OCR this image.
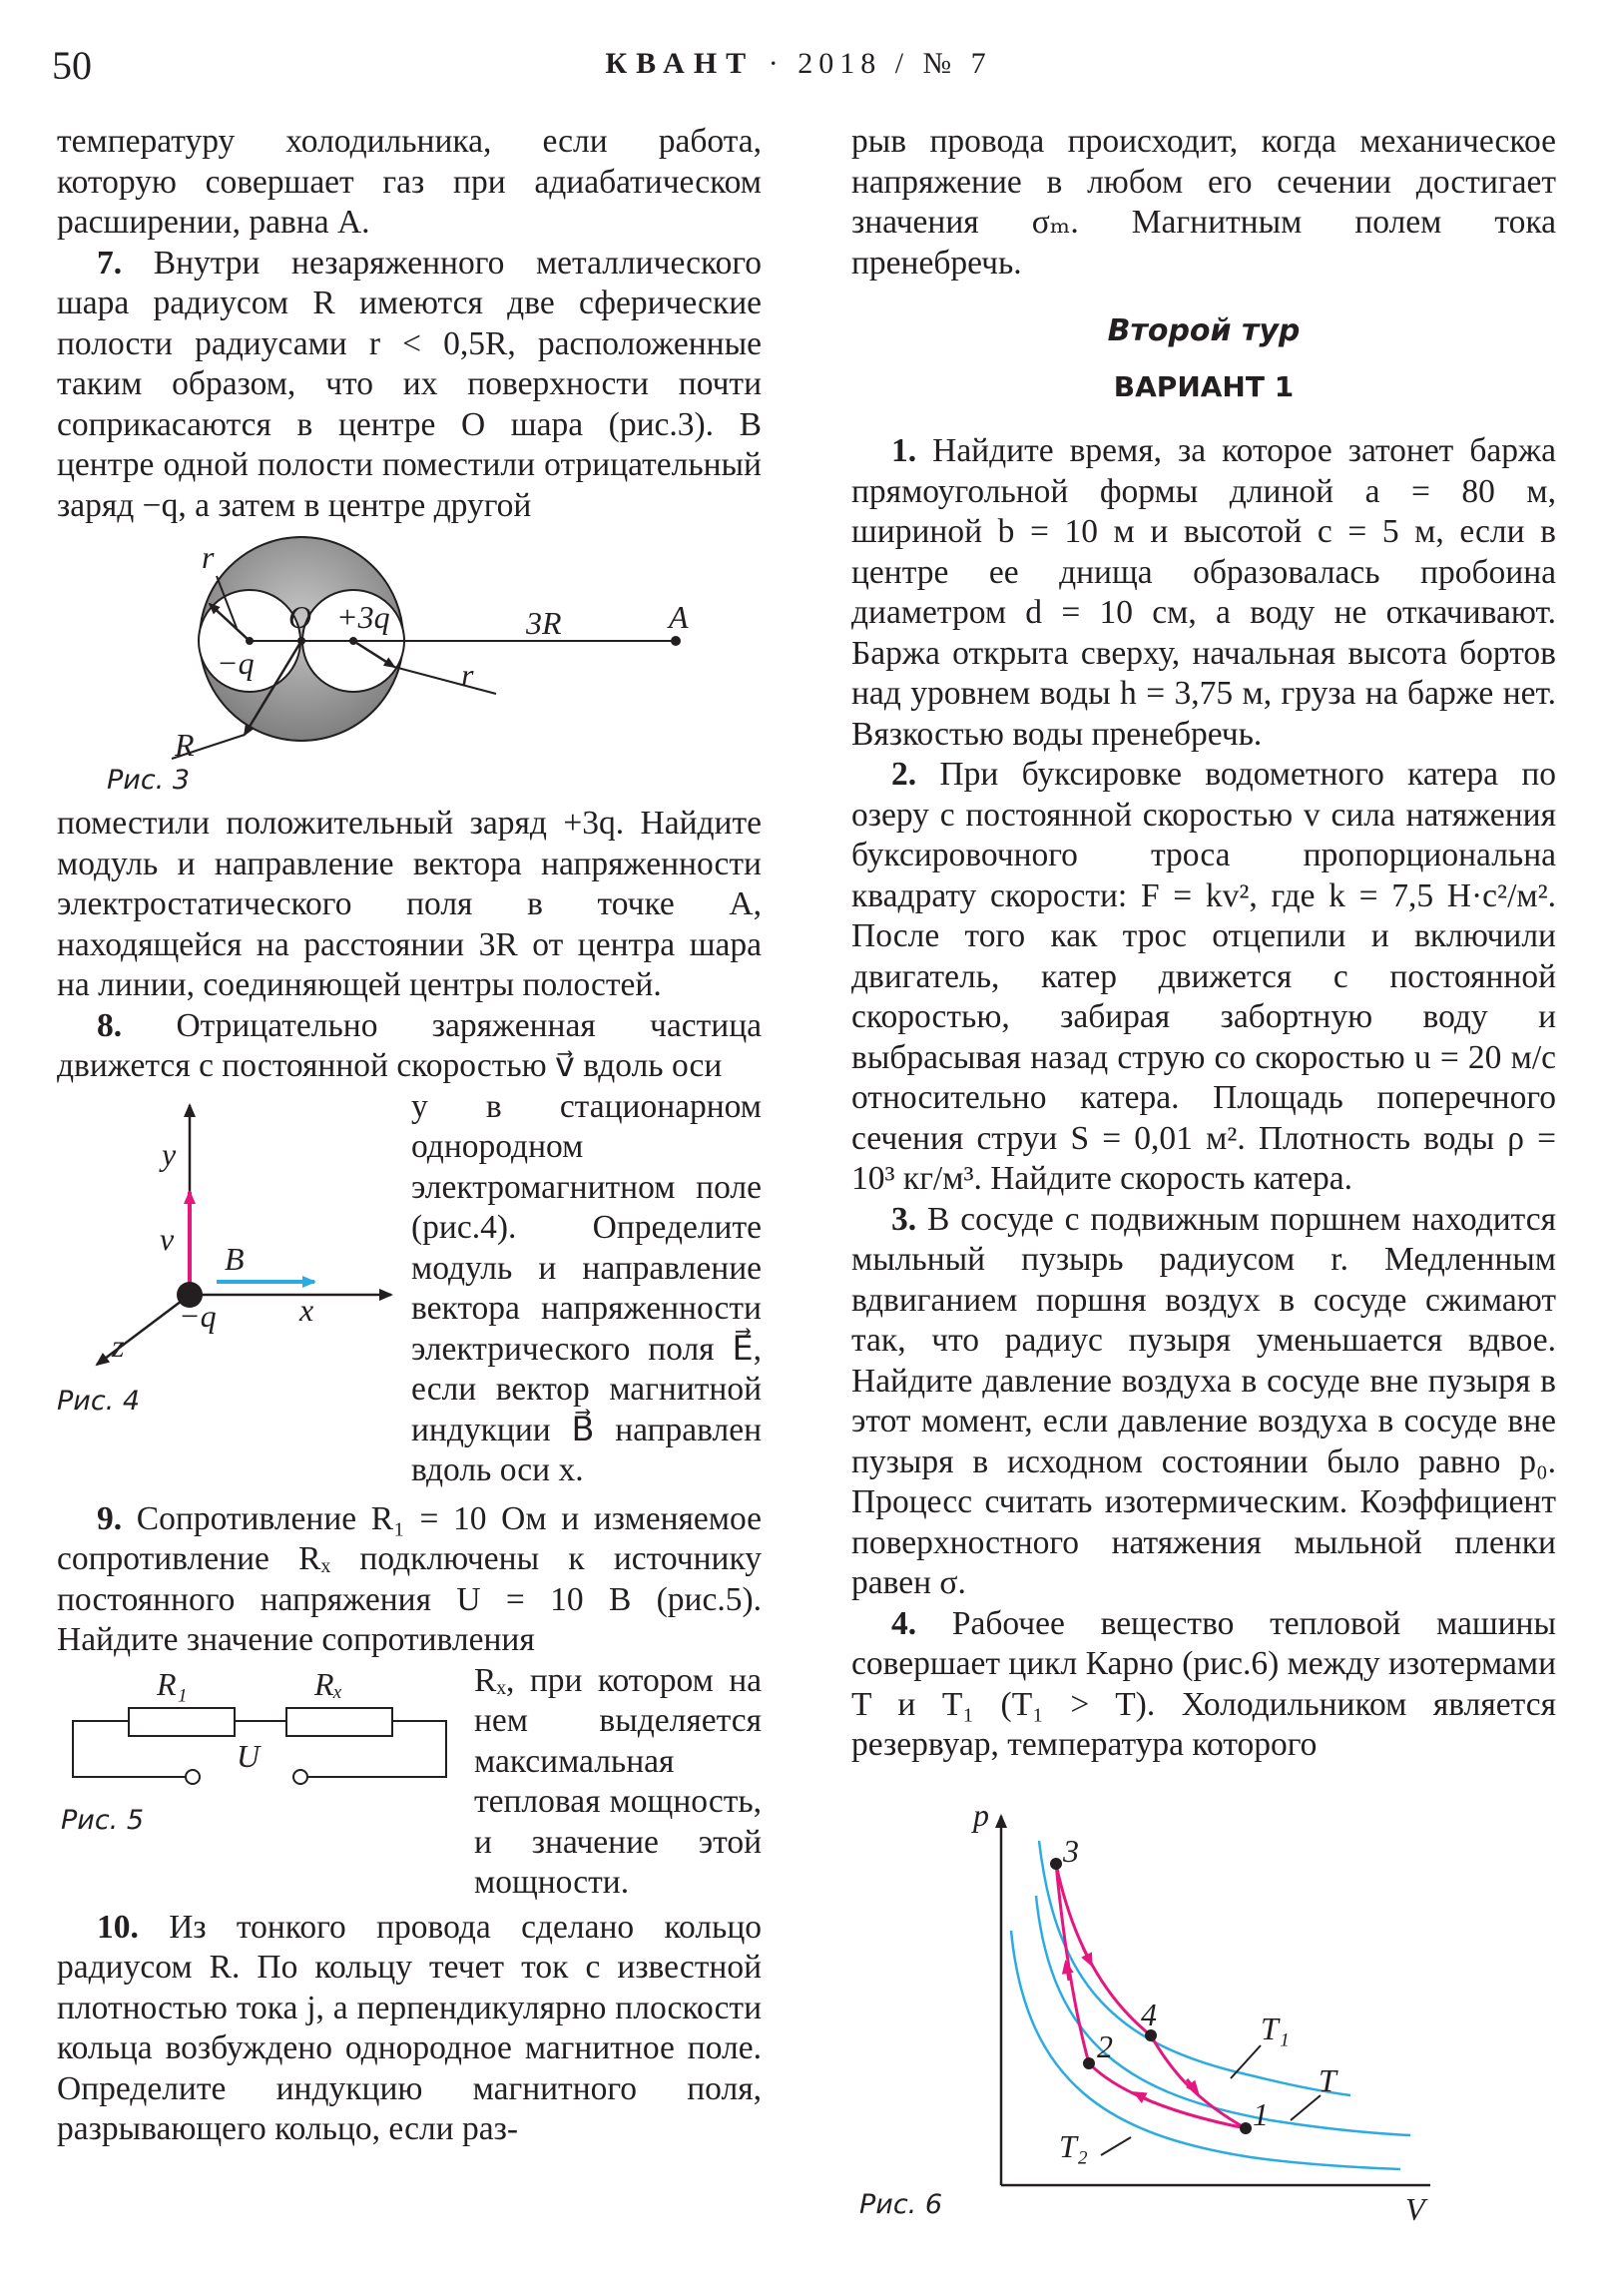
50	КВАНТ · 2018 / № 7

температуру холодильника, если работа, которую совершает газ при адиабатическом расширении, равна A.

7. Внутри незаряженного металлического шара радиусом R имеются две сферические полости радиусами r < 0,5R, расположенные таким образом, что их поверхности почти соприкасаются в центре O шара (рис.3). В центре одной полости поместили отрицательный заряд −q, а затем в центре другой

r
O +3q	3R	A
−q	r
R
Рис. 3

поместили положительный заряд +3q. Найдите модуль и направление вектора напряженности электростатического поля в точке A, находящейся на расстоянии 3R от центра шара на линии, соединяющей центры полостей.

8. Отрицательно заряженная частица движется с постоянной скоростью v⃗ вдоль оси

y
v
B
x
z
−q
Рис. 4

y в стационарном однородном электромагнитном поле (рис.4). Определите модуль и направление вектора напряженности электрического поля E⃗, если вектор магнитной индукции B⃗ направлен вдоль оси x.

9. Сопротивление R₁ = 10 Ом и изменяемое сопротивление Rₓ подключены к источнику постоянного напряжения U = 10 В (рис.5). Найдите значение сопротивления

R₁	Rₓ
U
Рис. 5

Rₓ, при котором на нем выделяется максимальная тепловая мощность, и значение этой мощности.

10. Из тонкого провода сделано кольцо радиусом R. По кольцу течет ток с известной плотностью тока j, а перпендикулярно плоскости кольца возбуждено однородное магнитное поле. Определите индукцию магнитного поля, разрывающего кольцо, если раз-

рыв провода происходит, когда механическое напряжение в любом его сечении достигает значения σₘ. Магнитным полем тока пренебречь.

Второй тур
ВАРИАНТ 1

1. Найдите время, за которое затонет баржа прямоугольной формы длиной a = 80 м, шириной b = 10 м и высотой c = 5 м, если в центре ее днища образовалась пробоина диаметром d = 10 см, а воду не откачивают. Баржа открыта сверху, начальная высота бортов над уровнем воды h = 3,75 м, груза на барже нет. Вязкостью воды пренебречь.

2. При буксировке водометного катера по озеру с постоянной скоростью v сила натяжения буксировочного троса пропорциональна квадрату скорости: F = kv², где k = 7,5 Н·с²/м². После того как трос отцепили и включили двигатель, катер движется с постоянной скоростью, забирая забортную воду и выбрасывая назад струю со скоростью u = 20 м/с относительно катера. Площадь поперечного сечения струи S = 0,01 м². Плотность воды ρ = 10³ кг/м³. Найдите скорость катера.

3. В сосуде с подвижным поршнем находится мыльный пузырь радиусом r. Медленным вдвиганием поршня воздух в сосуде сжимают так, что радиус пузыря уменьшается вдвое. Найдите давление воздуха в сосуде вне пузыря в этот момент, если давление воздуха в сосуде вне пузыря в исходном состоянии было равно p₀. Процесс считать изотермическим. Коэффициент поверхностного натяжения мыльной пленки равен σ.

4. Рабочее вещество тепловой машины совершает цикл Карно (рис.6) между изотермами T и T₁ (T₁ > T). Холодильником является резервуар, температура которого

p
V
3
2
4
1
T₁
T
T₂
Рис. 6
